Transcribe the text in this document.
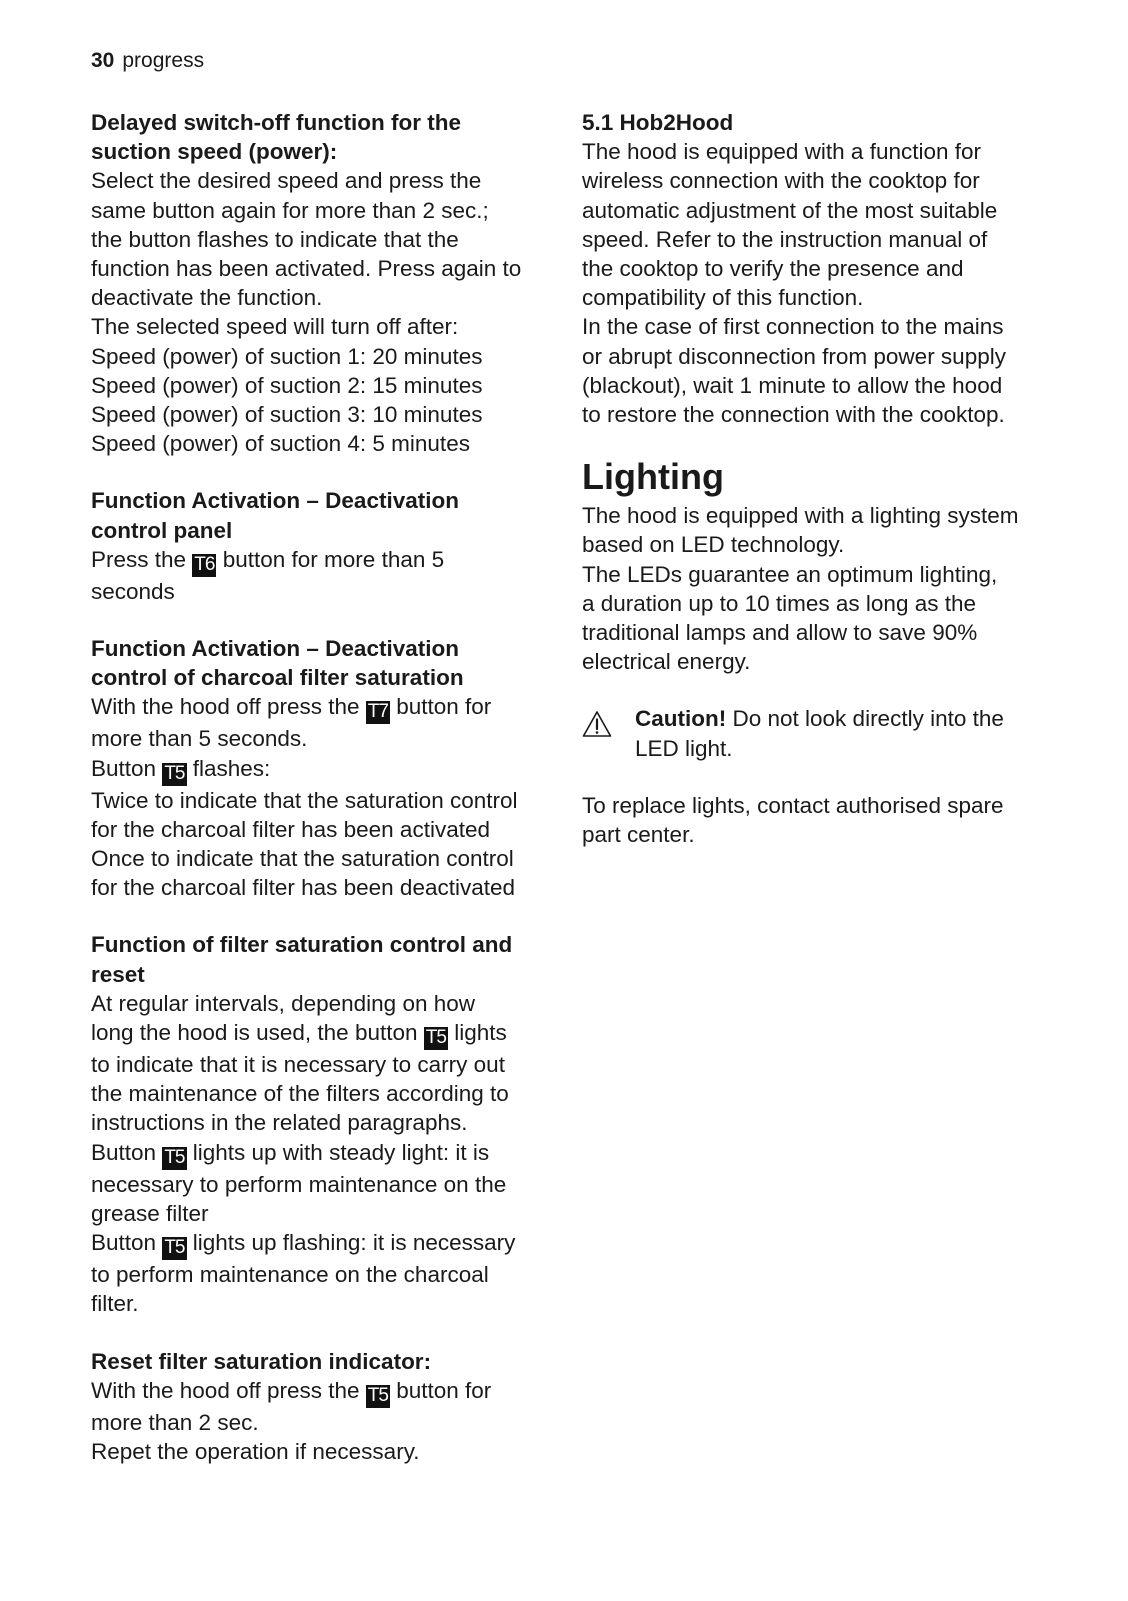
30 progress

Delayed switch-off function for the

suction speed (power):

Select the desired speed and press the

same button again for more than 2 sec.;

the button flashes to indicate that the

function has been activated. Press again to

deactivate the function.

The selected speed will turn off after:

Speed (power) of suction 1: 20 minutes

Speed (power) of suction 2: 15 minutes

Speed (power) of suction 3: 10 minutes

Speed (power) of suction 4: 5 minutes

Function Activation – Deactivation

control panel

Press the T6 button for more than 5

seconds

Function Activation – Deactivation

control of charcoal filter saturation

With the hood off press the T7 button for

more than 5 seconds.

Button T5 flashes:

Twice to indicate that the saturation control

for the charcoal filter has been activated

Once to indicate that the saturation control

for the charcoal filter has been deactivated

Function of filter saturation control and

reset

At regular intervals, depending on how

long the hood is used, the button T5 lights

to indicate that it is necessary to carry out

the maintenance of the filters according to

instructions in the related paragraphs.

Button T5 lights up with steady light: it is

necessary to perform maintenance on the

grease filter

Button T5 lights up flashing: it is necessary

to perform maintenance on the charcoal

filter.

Reset filter saturation indicator:

With the hood off press the T5 button for

more than 2 sec.

Repet the operation if necessary.

5.1 Hob2Hood

The hood is equipped with a function for

wireless connection with the cooktop for

automatic adjustment of the most suitable

speed. Refer to the instruction manual of

the cooktop to verify the presence and

compatibility of this function.

In the case of first connection to the mains

or abrupt disconnection from power supply

(blackout), wait 1 minute to allow the hood

to restore the connection with the cooktop.

Lighting

The hood is equipped with a lighting system

based on LED technology.

The LEDs guarantee an optimum lighting,

a duration up to 10 times as long as the

traditional lamps and allow to save 90%

electrical energy.

Caution! Do not look directly into the

LED light.

To replace lights, contact authorised spare

part center.
